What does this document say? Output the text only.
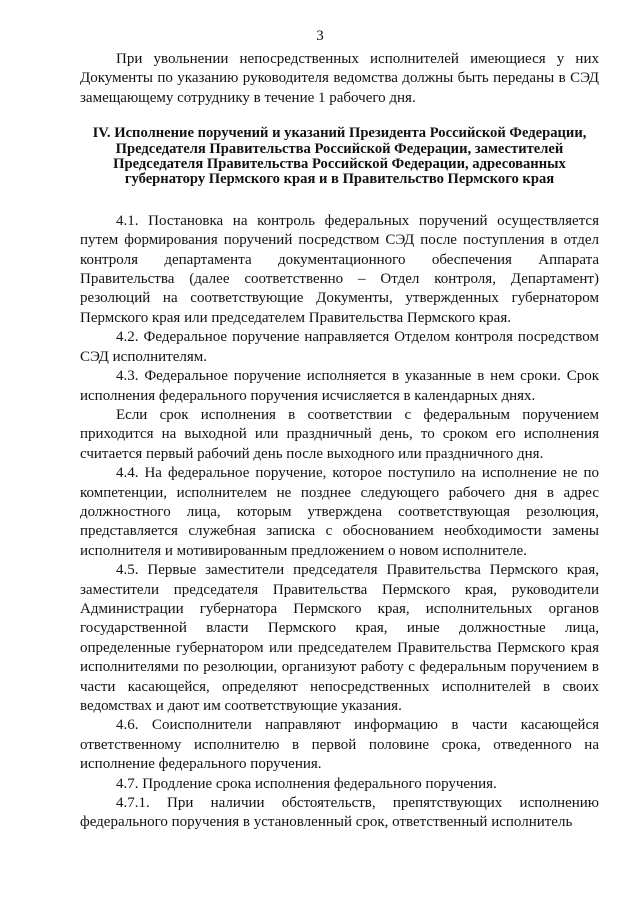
3

При увольнении непосредственных исполнителей имеющиеся у них Документы по указанию руководителя ведомства должны быть переданы в СЭД замещающему сотруднику в течение 1 рабочего дня.

IV. Исполнение поручений и указаний Президента Российской Федерации,
Председателя Правительства Российской Федерации, заместителей
Председателя Правительства Российской Федерации, адресованных
губернатору Пермского края и в Правительство Пермского края

4.1. Постановка на контроль федеральных поручений осуществляется путем формирования поручений посредством СЭД после поступления в отдел контроля департамента документационного обеспечения Аппарата Правительства (далее соответственно – Отдел контроля, Департамент) резолюций на соответствующие Документы, утвержденных губернатором Пермского края или председателем Правительства Пермского края.

4.2. Федеральное поручение направляется Отделом контроля посредством СЭД исполнителям.

4.3. Федеральное поручение исполняется в указанные в нем сроки. Срок исполнения федерального поручения исчисляется в календарных днях.

Если срок исполнения в соответствии с федеральным поручением приходится на выходной или праздничный день, то сроком его исполнения считается первый рабочий день после выходного или праздничного дня.

4.4. На федеральное поручение, которое поступило на исполнение не по компетенции, исполнителем не позднее следующего рабочего дня в адрес должностного лица, которым утверждена соответствующая резолюция, представляется служебная записка с обоснованием необходимости замены исполнителя и мотивированным предложением о новом исполнителе.

4.5. Первые заместители председателя Правительства Пермского края, заместители председателя Правительства Пермского края, руководители Администрации губернатора Пермского края, исполнительных органов государственной власти Пермского края, иные должностные лица, определенные губернатором или председателем Правительства Пермского края исполнителями по резолюции, организуют работу с федеральным поручением в части касающейся, определяют непосредственных исполнителей в своих ведомствах и дают им соответствующие указания.

4.6. Соисполнители направляют информацию в части касающейся ответственному исполнителю в первой половине срока, отведенного на исполнение федерального поручения.

4.7. Продление срока исполнения федерального поручения.

4.7.1. При наличии обстоятельств, препятствующих исполнению федерального поручения в установленный срок, ответственный исполнитель
